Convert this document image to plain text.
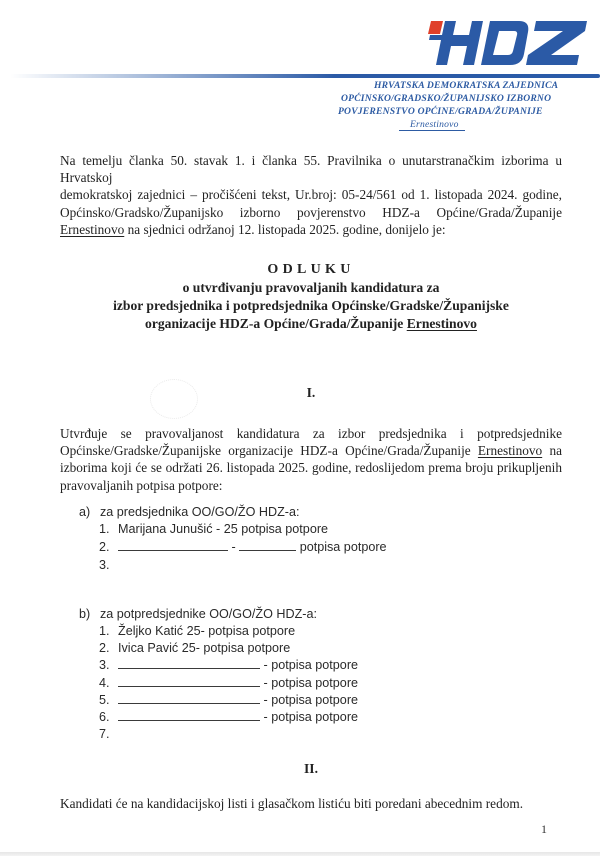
HRVATSKA DEMOKRATSKA ZAJEDNICA
OPĆINSKO/GRADSKO/ŽUPANIJSKO IZBORNO
POVJERENSTVO OPĆINE/GRADA/ŽUPANIJE
Ernestinovo
Na temelju članka 50. stavak 1. i članka 55. Pravilnika o unutarstranačkim izborima u Hrvatskoj
demokratskoj zajednici – pročišćeni tekst, Ur.broj: 05-24/561 od 1. listopada 2024. godine,
Općinsko/Gradsko/Županijsko izborno povjerenstvo HDZ-a Općine/Grada/Županije
Ernestinovo na sjednici održanoj 12. listopada 2025. godine, donijelo je:
ODLUKU
o utvrđivanju pravovaljanih kandidatura za
izbor predsjednika i potpredsjednika Općinske/Gradske/Županijske
organizacije HDZ-a Općine/Grada/Županije Ernestinovo
I.
Utvrđuje se pravovaljanost kandidatura za izbor predsjednika i potpredsjednike
Općinske/Gradske/Županijske organizacije HDZ-a Općine/Grada/Županije Ernestinovo na
izborima koji će se održati 26. listopada 2025. godine, redoslijedom prema broju prikupljenih
pravovaljanih potpisa potpore:
a) za predsjednika OO/GO/ŽO HDZ-a:
1. Marijana Junušić - 25 potpisa potpore
2.	-	potpisa potpore
3.
b) za potpredsjednike OO/GO/ŽO HDZ-a:
1. Željko Katić 25- potpisa potpore
2. Ivica Pavić 25- potpisa potpore
3.	- potpisa potpore
4.	- potpisa potpore
5.	- potpisa potpore
6.	- potpisa potpore
7.
II.
Kandidati će na kandidacijskoj listi i glasačkom listiću biti poredani abecednim redom.
1
